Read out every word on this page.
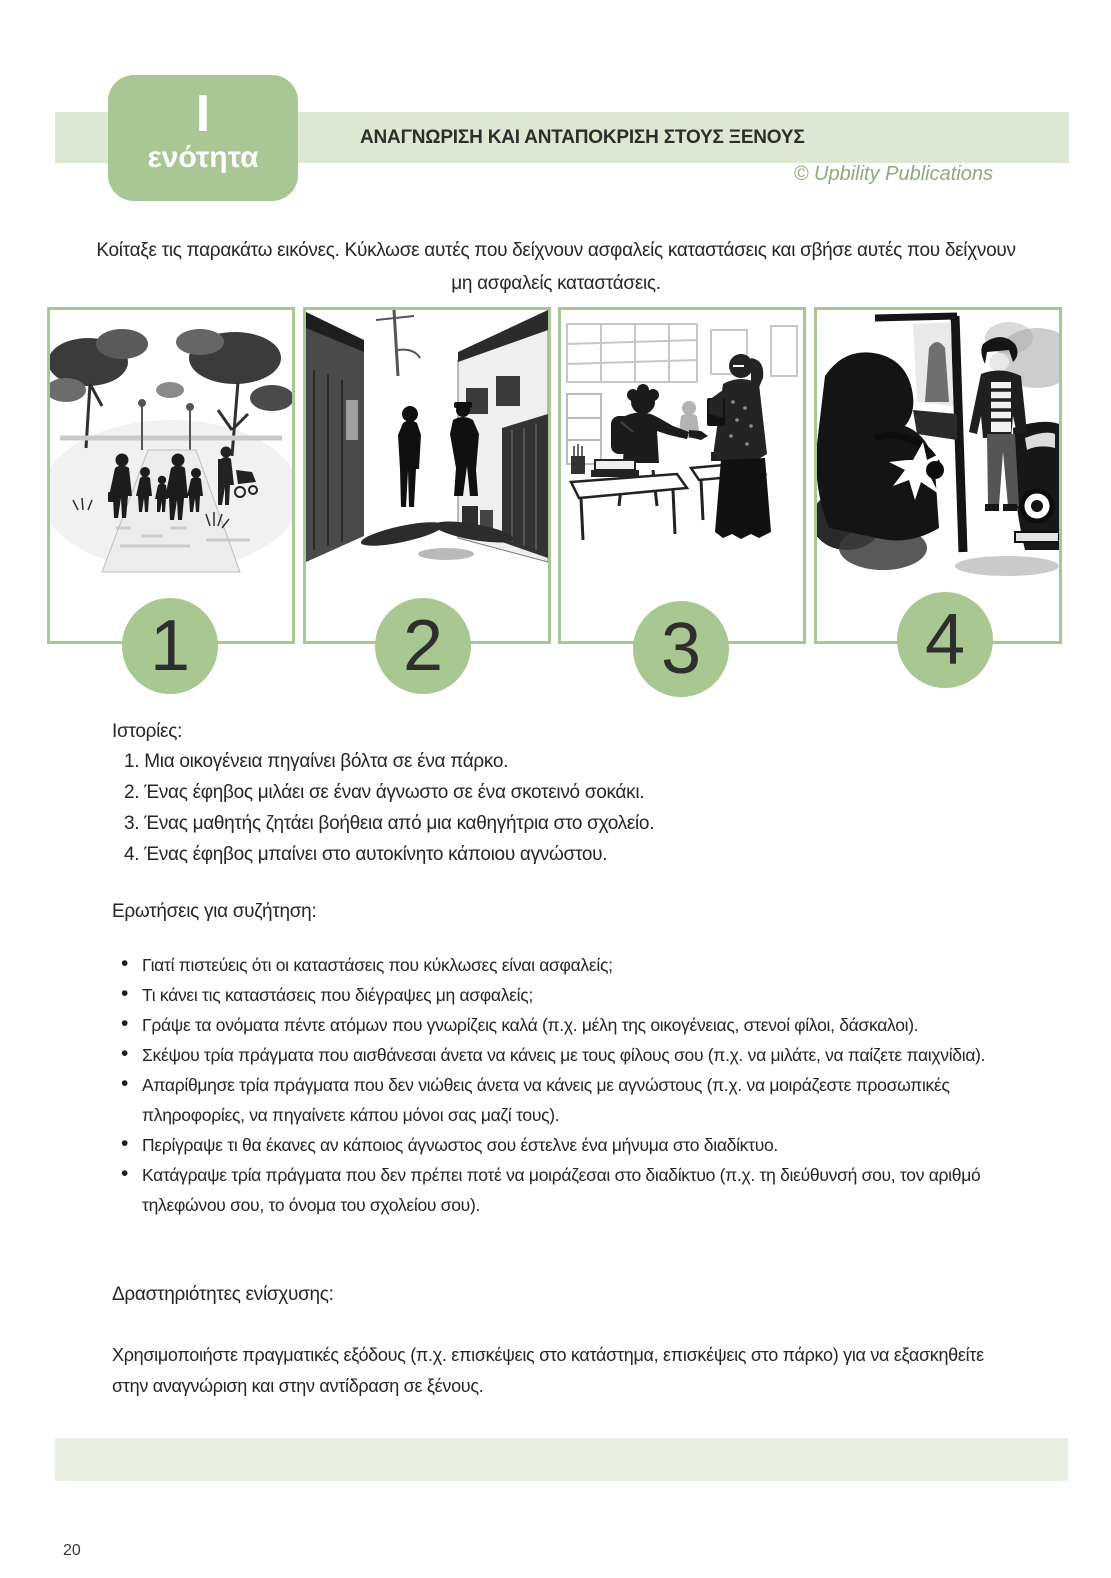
ΑΝΑΓΝΩΡΙΣΗ ΚΑΙ ΑΝΤΑΠΟΚΡΙΣΗ ΣΤΟΥΣ ΞΕΝΟΥΣ
Ι
ενότητα	© Upbility Publications

Κοίταξε τις παρακάτω εικόνες. Κύκλωσε αυτές που δείχνουν ασφαλείς καταστάσεις και σβήσε αυτές που δείχνουν μη ασφαλείς καταστάσεις.

1	2	3	4
Ιστορίες:
Μια οικογένεια πηγαίνει βόλτα σε ένα πάρκο.
Ένας έφηβος μιλάει σε έναν άγνωστο σε ένα σκοτεινό σοκάκι.
Ένας μαθητής ζητάει βοήθεια από μια καθηγήτρια στο σχολείο.
Ένας έφηβος μπαίνει στο αυτοκίνητο κάποιου αγνώστου.
Ερωτήσεις για συζήτηση:
• Γιατί πιστεύεις ότι οι καταστάσεις που κύκλωσες είναι ασφαλείς;
• Τι κάνει τις καταστάσεις που διέγραψες μη ασφαλείς;
• Γράψε τα ονόματα πέντε ατόμων που γνωρίζεις καλά (π.χ. μέλη της οικογένειας, στενοί φίλοι, δάσκαλοι).
• Σκέψου τρία πράγματα που αισθάνεσαι άνετα να κάνεις με τους φίλους σου (π.χ. να μιλάτε, να παίζετε παιχνίδια).
• Απαρίθμησε τρία πράγματα που δεν νιώθεις άνετα να κάνεις με αγνώστους (π.χ. να μοιράζεστε προσωπικές πληροφορίες, να πηγαίνετε κάπου μόνοι σας μαζί τους).
• Περίγραψε τι θα έκανες αν κάποιος άγνωστος σου έστελνε ένα μήνυμα στο διαδίκτυο.
• Κατάγραψε τρία πράγματα που δεν πρέπει ποτέ να μοιράζεσαι στο διαδίκτυο (π.χ. τη διεύθυνσή σου, τον αριθμό τηλεφώνου σου, το όνομα του σχολείου σου).
Δραστηριότητες ενίσχυσης:

Χρησιμοποιήστε πραγματικές εξόδους (π.χ. επισκέψεις στο κατάστημα, επισκέψεις στο πάρκο) για να εξασκηθείτε στην αναγνώριση και στην αντίδραση σε ξένους.

20
